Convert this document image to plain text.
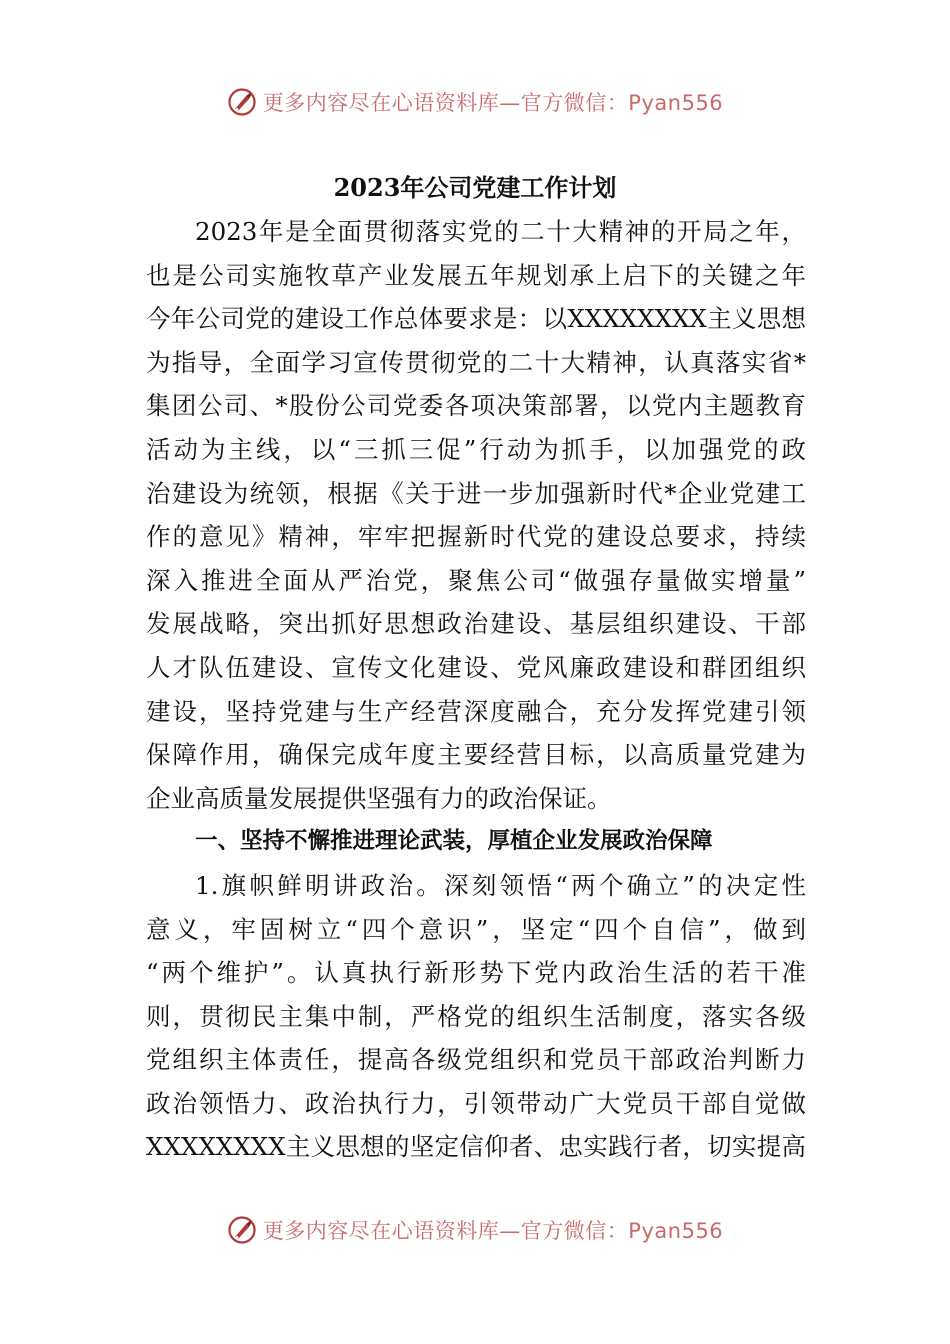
更多内容尽在心语资料库—官方微信：Pyan556
2023年公司党建工作计划
2023年是全面贯彻落实党的二十大精神的开局之年，
也是公司实施牧草产业发展五年规划承上启下的关键之年
今年公司党的建设工作总体要求是：以XXXXXXXX主义思想
为指导，全面学习宣传贯彻党的二十大精神，认真落实省*
集团公司、*股份公司党委各项决策部署，以党内主题教育
活动为主线，以“三抓三促”行动为抓手，以加强党的政
治建设为统领，根据《关于进一步加强新时代*企业党建工
作的意见》精神，牢牢把握新时代党的建设总要求，持续
深入推进全面从严治党，聚焦公司“做强存量做实增量”
发展战略，突出抓好思想政治建设、基层组织建设、干部
人才队伍建设、宣传文化建设、党风廉政建设和群团组织
建设，坚持党建与生产经营深度融合，充分发挥党建引领
保障作用，确保完成年度主要经营目标，以高质量党建为
企业高质量发展提供坚强有力的政治保证。
一、坚持不懈推进理论武装，厚植企业发展政治保障
1.旗帜鲜明讲政治。深刻领悟“两个确立”的决定性
意义，牢固树立“四个意识”，坚定“四个自信”，做到
“两个维护”。认真执行新形势下党内政治生活的若干准
则，贯彻民主集中制，严格党的组织生活制度，落实各级
党组织主体责任，提高各级党组织和党员干部政治判断力
政治领悟力、政治执行力，引领带动广大党员干部自觉做
XXXXXXXX主义思想的坚定信仰者、忠实践行者，切实提高
更多内容尽在心语资料库—官方微信：Pyan556
